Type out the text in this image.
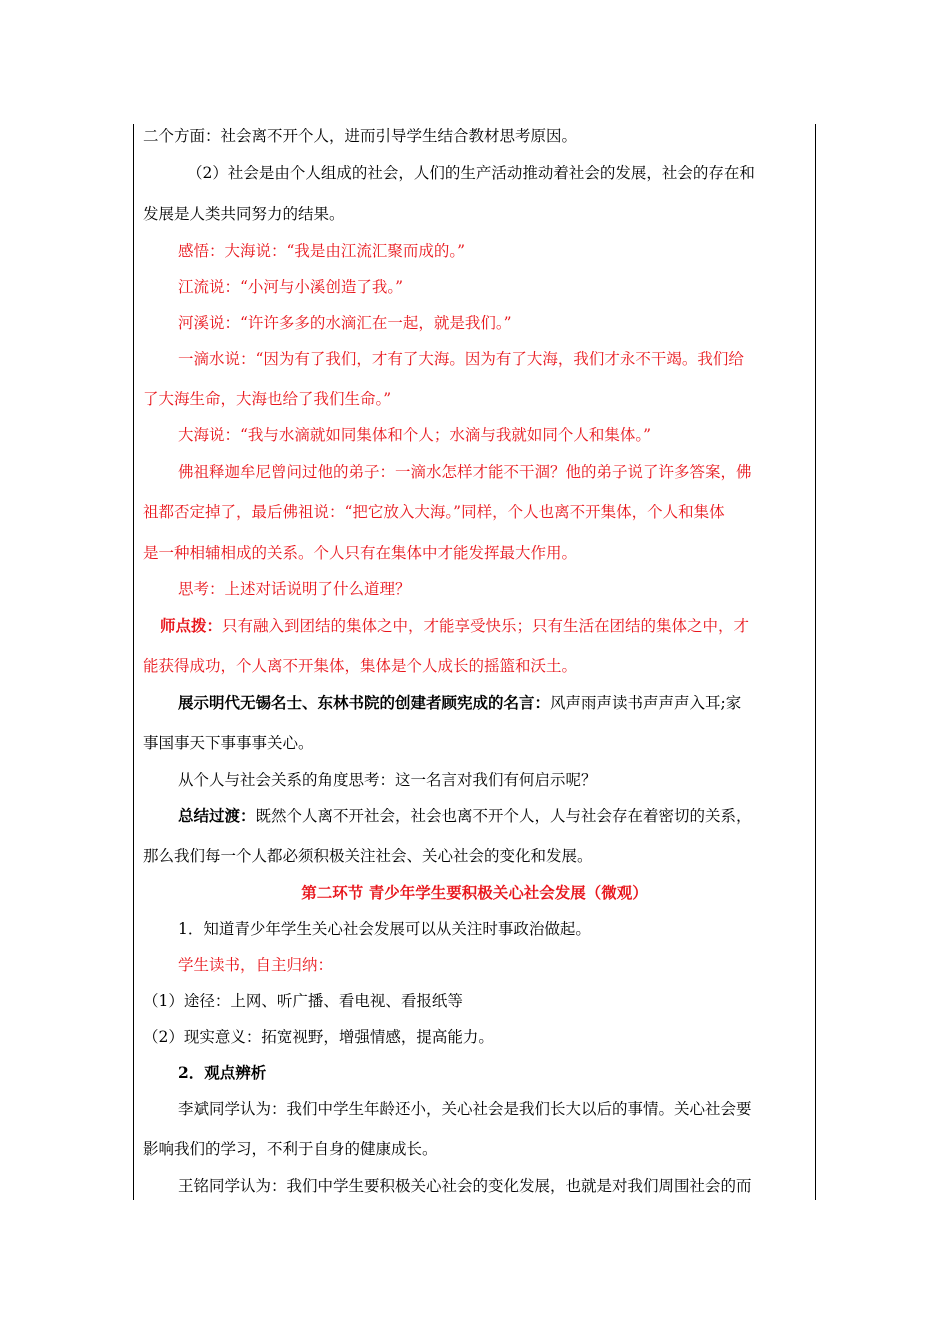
二个方面：社会离不开个人，进而引导学生结合教材思考原因。
（2）社会是由个人组成的社会，人们的生产活动推动着社会的发展，社会的存在和
发展是人类共同努力的结果。
感悟：大海说：“我是由江流汇聚而成的。”
江流说：“小河与小溪创造了我。”
河溪说：“许许多多的水滴汇在一起，就是我们。”
一滴水说：“因为有了我们，才有了大海。因为有了大海，我们才永不干竭。我们给
了大海生命，大海也给了我们生命。”
大海说：“我与水滴就如同集体和个人；水滴与我就如同个人和集体。”
佛祖释迦牟尼曾问过他的弟子：一滴水怎样才能不干涸？他的弟子说了许多答案，佛
祖都否定掉了，最后佛祖说：“把它放入大海。”同样，个人也离不开集体，个人和集体
是一种相辅相成的关系。个人只有在集体中才能发挥最大作用。
思考：上述对话说明了什么道理？
师点拨：只有融入到团结的集体之中，才能享受快乐；只有生活在团结的集体之中，才
能获得成功，个人离不开集体，集体是个人成长的摇篮和沃土。
展示明代无锡名士、东林书院的创建者顾宪成的名言：风声雨声读书声声声入耳;家
事国事天下事事事关心。
从个人与社会关系的角度思考：这一名言对我们有何启示呢？
总结过渡：既然个人离不开社会，社会也离不开个人，人与社会存在着密切的关系，
那么我们每一个人都必须积极关注社会、关心社会的变化和发展。
第二环节 青少年学生要积极关心社会发展（微观）
1．知道青少年学生关心社会发展可以从关注时事政治做起。
学生读书，自主归纳：
（1）途径：上网、听广播、看电视、看报纸等
（2）现实意义：拓宽视野，增强情感，提高能力。
2．观点辨析
李斌同学认为：我们中学生年龄还小，关心社会是我们长大以后的事情。关心社会要
影响我们的学习，不利于自身的健康成长。
王铭同学认为：我们中学生要积极关心社会的变化发展，也就是对我们周围社会的而
